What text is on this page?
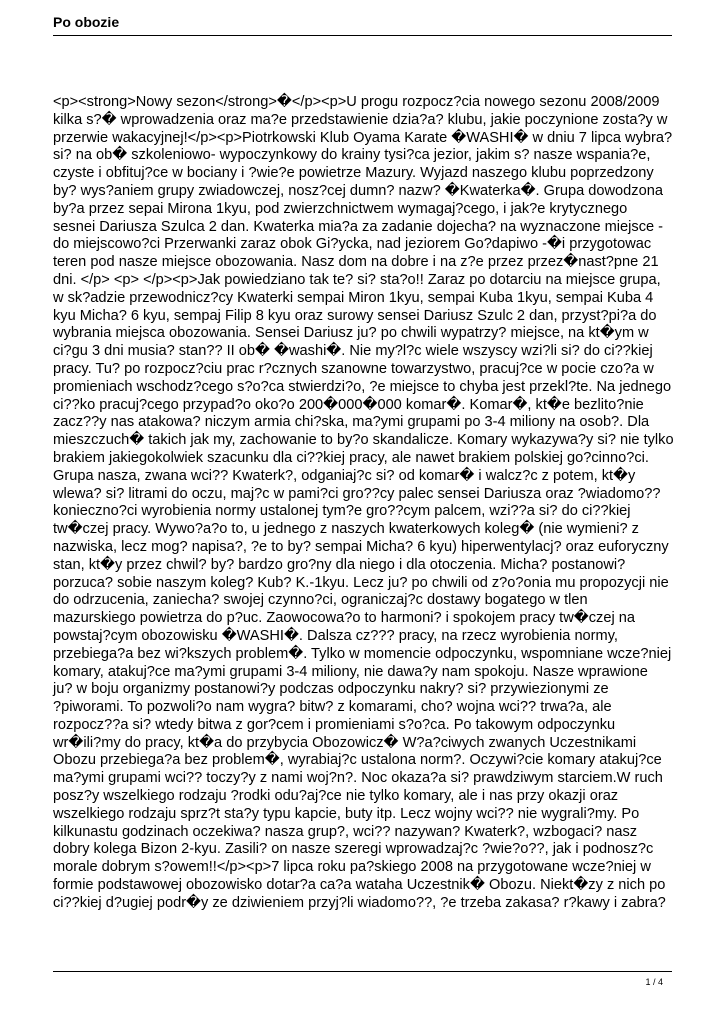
Po obozie
<p><strong>Nowy sezon</strong>�</p><p>U progu rozpocz?cia nowego sezonu 2008/2009
kilka s?� wprowadzenia oraz ma?e przedstawienie dzia?a? klubu, jakie poczynione zosta?y w
przerwie wakacyjnej!</p><p>Piotrkowski Klub Oyama Karate �WASHI� w dniu 7 lipca wybra?
si? na ob� szkoleniowo- wypoczynkowy do krainy tysi?ca jezior, jakim s? nasze wspania?e,
czyste i obfituj?ce w bociany i ?wie?e powietrze Mazury. Wyjazd naszego klubu poprzedzony
by? wys?aniem grupy zwiadowczej, nosz?cej dumn? nazw? �Kwaterka�. Grupa dowodzona
by?a przez sepai Mirona 1kyu, pod zwierzchnictwem wymagaj?cego, i jak?e krytycznego
sesnei Dariusza Szulca 2 dan. Kwaterka mia?a za zadanie dojecha? na wyznaczone miejsce -
do miejscowo?ci Przerwanki zaraz obok Gi?ycka, nad jeziorem Go?dapiwo -�i przygotowac
teren pod nasze miejsce obozowania. Nasz dom na dobre i na z?e przez przez�nast?pne 21
dni. </p> <p> </p><p>Jak powiedziano tak te? si? sta?o!! Zaraz po dotarciu na miejsce grupa,
w sk?adzie przewodnicz?cy Kwaterki sempai Miron 1kyu, sempai Kuba 1kyu, sempai Kuba 4
kyu Micha? 6 kyu, sempaj Filip 8 kyu oraz surowy sensei Dariusz Szulc 2 dan, przyst?pi?a do
wybrania miejsca obozowania. Sensei Dariusz ju? po chwili wypatrzy? miejsce, na kt�ym w
ci?gu 3 dni musia? stan?? II ob� �washi�. Nie my?l?c wiele wszyscy wzi?li si? do ci??kiej
pracy. Tu? po rozpocz?ciu prac r?cznych szanowne towarzystwo, pracuj?ce w pocie czo?a w
promieniach wschodz?cego s?o?ca stwierdzi?o, ?e miejsce to chyba jest przekl?te. Na jednego
ci??ko pracuj?cego przypad?o oko?o 200�000�000 komar�. Komar�, kt�e bezlito?nie
zacz??y nas atakowa? niczym armia chi?ska, ma?ymi grupami po 3-4 miliony na osob?. Dla
mieszczuch� takich jak my, zachowanie to by?o skandalicze. Komary wykazywa?y si? nie tylko
brakiem jakiegokolwiek szacunku dla ci??kiej pracy, ale nawet brakiem polskiej go?cinno?ci.
Grupa nasza, zwana wci?? Kwaterk?, odganiaj?c si? od komar� i walcz?c z potem, kt�y
wlewa? si? litrami do oczu, maj?c w pami?ci gro??cy palec sensei Dariusza oraz ?wiadomo??
konieczno?ci wyrobienia normy ustalonej tym?e gro??cym palcem, wzi??a si? do ci??kiej
tw�czej pracy. Wywo?a?o to, u jednego z naszych kwaterkowych koleg� (nie wymieni? z
nazwiska, lecz mog? napisa?, ?e to by? sempai Micha? 6 kyu) hiperwentylacj? oraz euforyczny
stan, kt�y przez chwil? by? bardzo gro?ny dla niego i dla otoczenia. Micha? postanowi?
porzuca? sobie naszym koleg? Kub? K.-1kyu. Lecz ju? po chwili od z?o?onia mu propozycji nie
do odrzucenia, zaniecha? swojej czynno?ci, ograniczaj?c dostawy bogatego w tlen
mazurskiego powietrza do p?uc. Zaowocowa?o to harmoni? i spokojem pracy tw�czej na
powstaj?cym obozowisku �WASHI�. Dalsza cz??? pracy, na rzecz wyrobienia normy,
przebiega?a bez wi?kszych problem�. Tylko w momencie odpoczynku, wspomniane wcze?niej
komary, atakuj?ce ma?ymi grupami 3-4 miliony, nie dawa?y nam spokoju. Nasze wprawione
ju? w boju organizmy postanowi?y podczas odpoczynku nakry? si? przywiezionymi ze
?piworami. To pozwoli?o nam wygra? bitw? z komarami, cho? wojna wci?? trwa?a, ale
rozpocz??a si? wtedy bitwa z gor?cem i promieniami s?o?ca. Po takowym odpoczynku
wr�ili?my do pracy, kt�a do przybycia Obozowicz� W?a?ciwych zwanych Uczestnikami
Obozu przebiega?a bez problem�, wyrabiaj?c ustalona norm?. Oczywi?cie komary atakuj?ce
ma?ymi grupami wci?? toczy?y z nami woj?n?. Noc okaza?a si? prawdziwym starciem.W ruch
posz?y wszelkiego rodzaju ?rodki odu?aj?ce nie tylko komary, ale i nas przy okazji oraz
wszelkiego rodzaju sprz?t sta?y typu kapcie, buty itp. Lecz wojny wci?? nie wygrali?my. Po
kilkunastu godzinach oczekiwa? nasza grup?, wci?? nazywan? Kwaterk?, wzbogaci? nasz
dobry kolega Bizon 2-kyu. Zasili? on nasze szeregi wprowadzaj?c ?wie?o??, jak i podnosz?c
morale dobrym s?owem!!</p><p>7 lipca roku pa?skiego 2008 na przygotowane wcze?niej w
formie podstawowej obozowisko dotar?a ca?a wataha Uczestnik� Obozu. Niekt�zy z nich po
ci??kiej d?ugiej podr�y ze dziwieniem przyj?li wiadomo??, ?e trzeba zakasa? r?kawy i zabra?
1 / 4
